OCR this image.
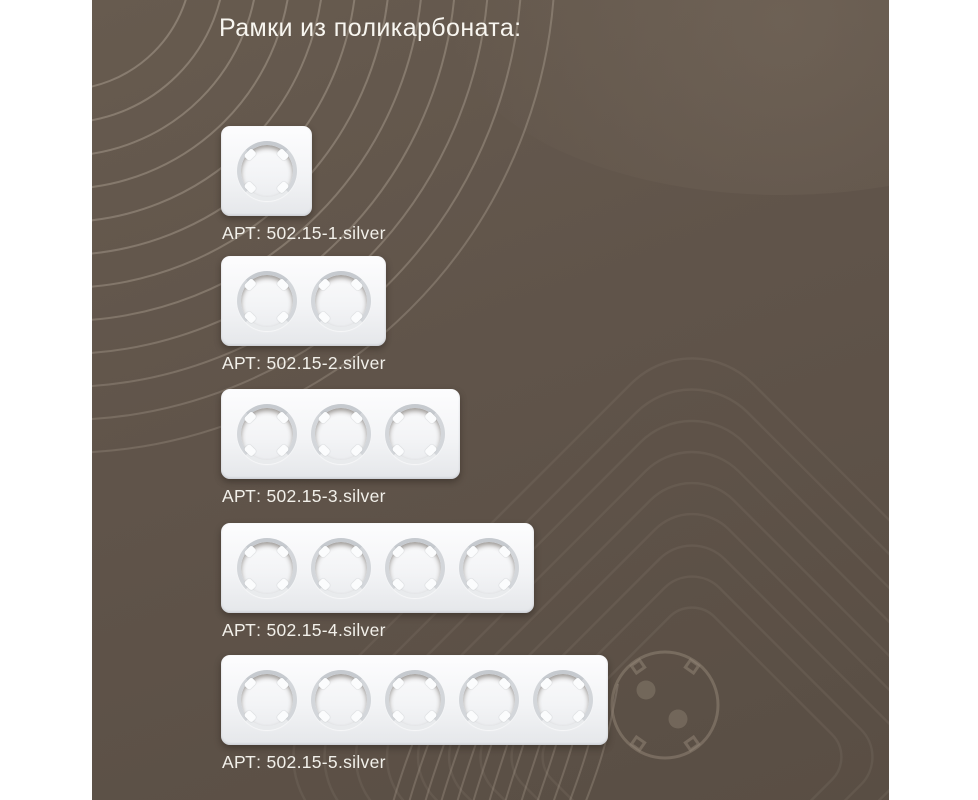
Рамки из поликарбоната:
АРТ: 502.15-1.silver
АРТ: 502.15-2.silver
АРТ: 502.15-3.silver
АРТ: 502.15-4.silver
АРТ: 502.15-5.silver
